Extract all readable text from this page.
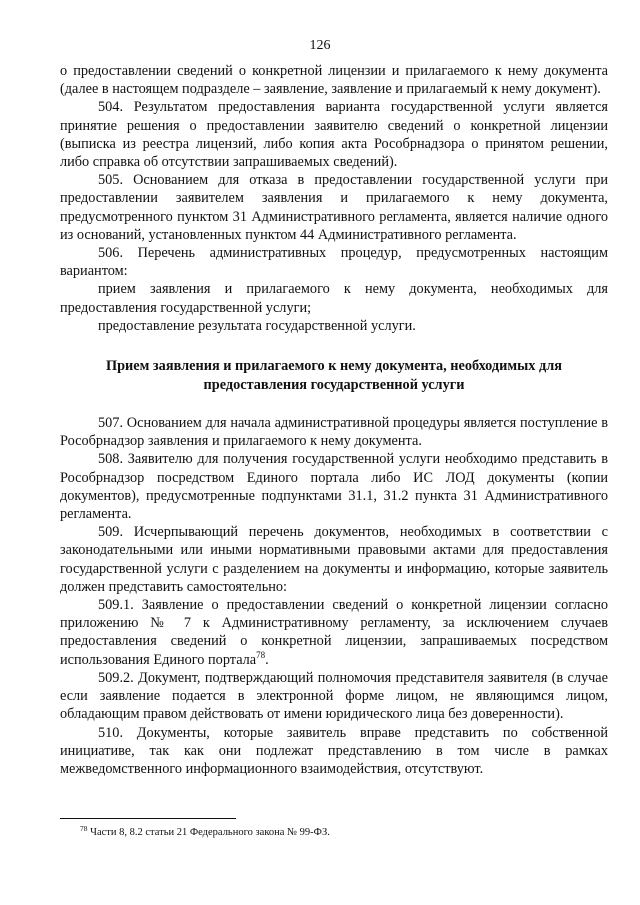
126

о предоставлении сведений о конкретной лицензии и прилагаемого к нему документа (далее в настоящем подразделе – заявление, заявление и прилагаемый к нему документ).

504. Результатом предоставления варианта государственной услуги является принятие решения о предоставлении заявителю сведений о конкретной лицензии (выписка из реестра лицензий, либо копия акта Рособрнадзора о принятом решении, либо справка об отсутствии запрашиваемых сведений).

505. Основанием для отказа в предоставлении государственной услуги при предоставлении заявителем заявления и прилагаемого к нему документа, предусмотренного пунктом 31 Административного регламента, является наличие одного из оснований, установленных пунктом 44 Административного регламента.

506. Перечень административных процедур, предусмотренных настоящим вариантом:

прием заявления и прилагаемого к нему документа, необходимых для предоставления государственной услуги;

предоставление результата государственной услуги.

Прием заявления и прилагаемого к нему документа, необходимых для предоставления государственной услуги

507. Основанием для начала административной процедуры является поступление в Рособрнадзор заявления и прилагаемого к нему документа.

508. Заявителю для получения государственной услуги необходимо представить в Рособрнадзор посредством Единого портала либо ИС ЛОД документы (копии документов), предусмотренные подпунктами 31.1, 31.2 пункта 31 Административного регламента.

509. Исчерпывающий перечень документов, необходимых в соответствии с законодательными или иными нормативными правовыми актами для предоставления государственной услуги с разделением на документы и информацию, которые заявитель должен представить самостоятельно:

509.1. Заявление о предоставлении сведений о конкретной лицензии согласно приложению № 7 к Административному регламенту, за исключением случаев предоставления сведений о конкретной лицензии, запрашиваемых посредством использования Единого портала$^{78}$.

509.2. Документ, подтверждающий полномочия представителя заявителя (в случае если заявление подается в электронной форме лицом, не являющимся лицом, обладающим правом действовать от имени юридического лица без доверенности).

510. Документы, которые заявитель вправе представить по собственной инициативе, так как они подлежат представлению в том числе в рамках межведомственного информационного взаимодействия, отсутствуют.

$^{78}$ Части 8, 8.2 статьи 21 Федерального закона № 99-ФЗ.
